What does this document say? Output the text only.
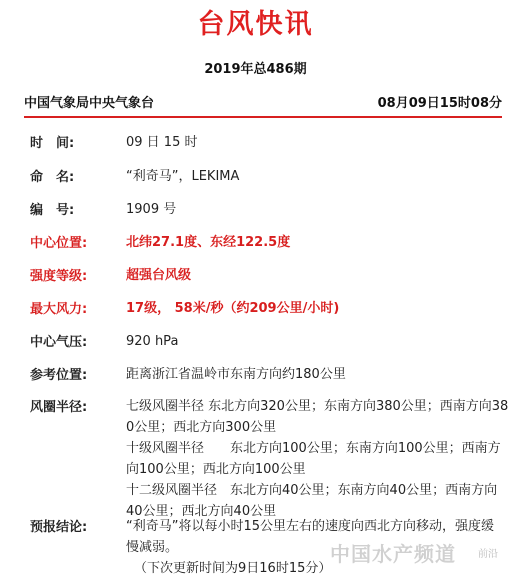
台风快讯
2019年总486期
中国气象局中央气象台	08月09日15时08分
时　间:	09 日 15 时
命　名:	“利奇马”，LEKIMA
编　号:	1909 号
中心位置:	北纬27.1度、东经122.5度
强度等级:	超强台风级
最大风力:	17级， 58米/秒（约209公里/小时)
中心气压:	920 hPa
参考位置:	距离浙江省温岭市东南方向约180公里
风圈半径:	七级风圈半径 东北方向320公里；东南方向380公里；西南方向38
0公里；西北方向300公里
十级风圈半径　　东北方向100公里；东南方向100公里；西南方
向100公里；西北方向100公里
十二级风圈半径　东北方向40公里；东南方向40公里；西南方向
40公里；西北方向40公里
预报结论:	“利奇马”将以每小时15公里左右的速度向西北方向移动，强度缓
慢减弱。
（下次更新时间为9日16时15分）
中国水产频道 前沿
